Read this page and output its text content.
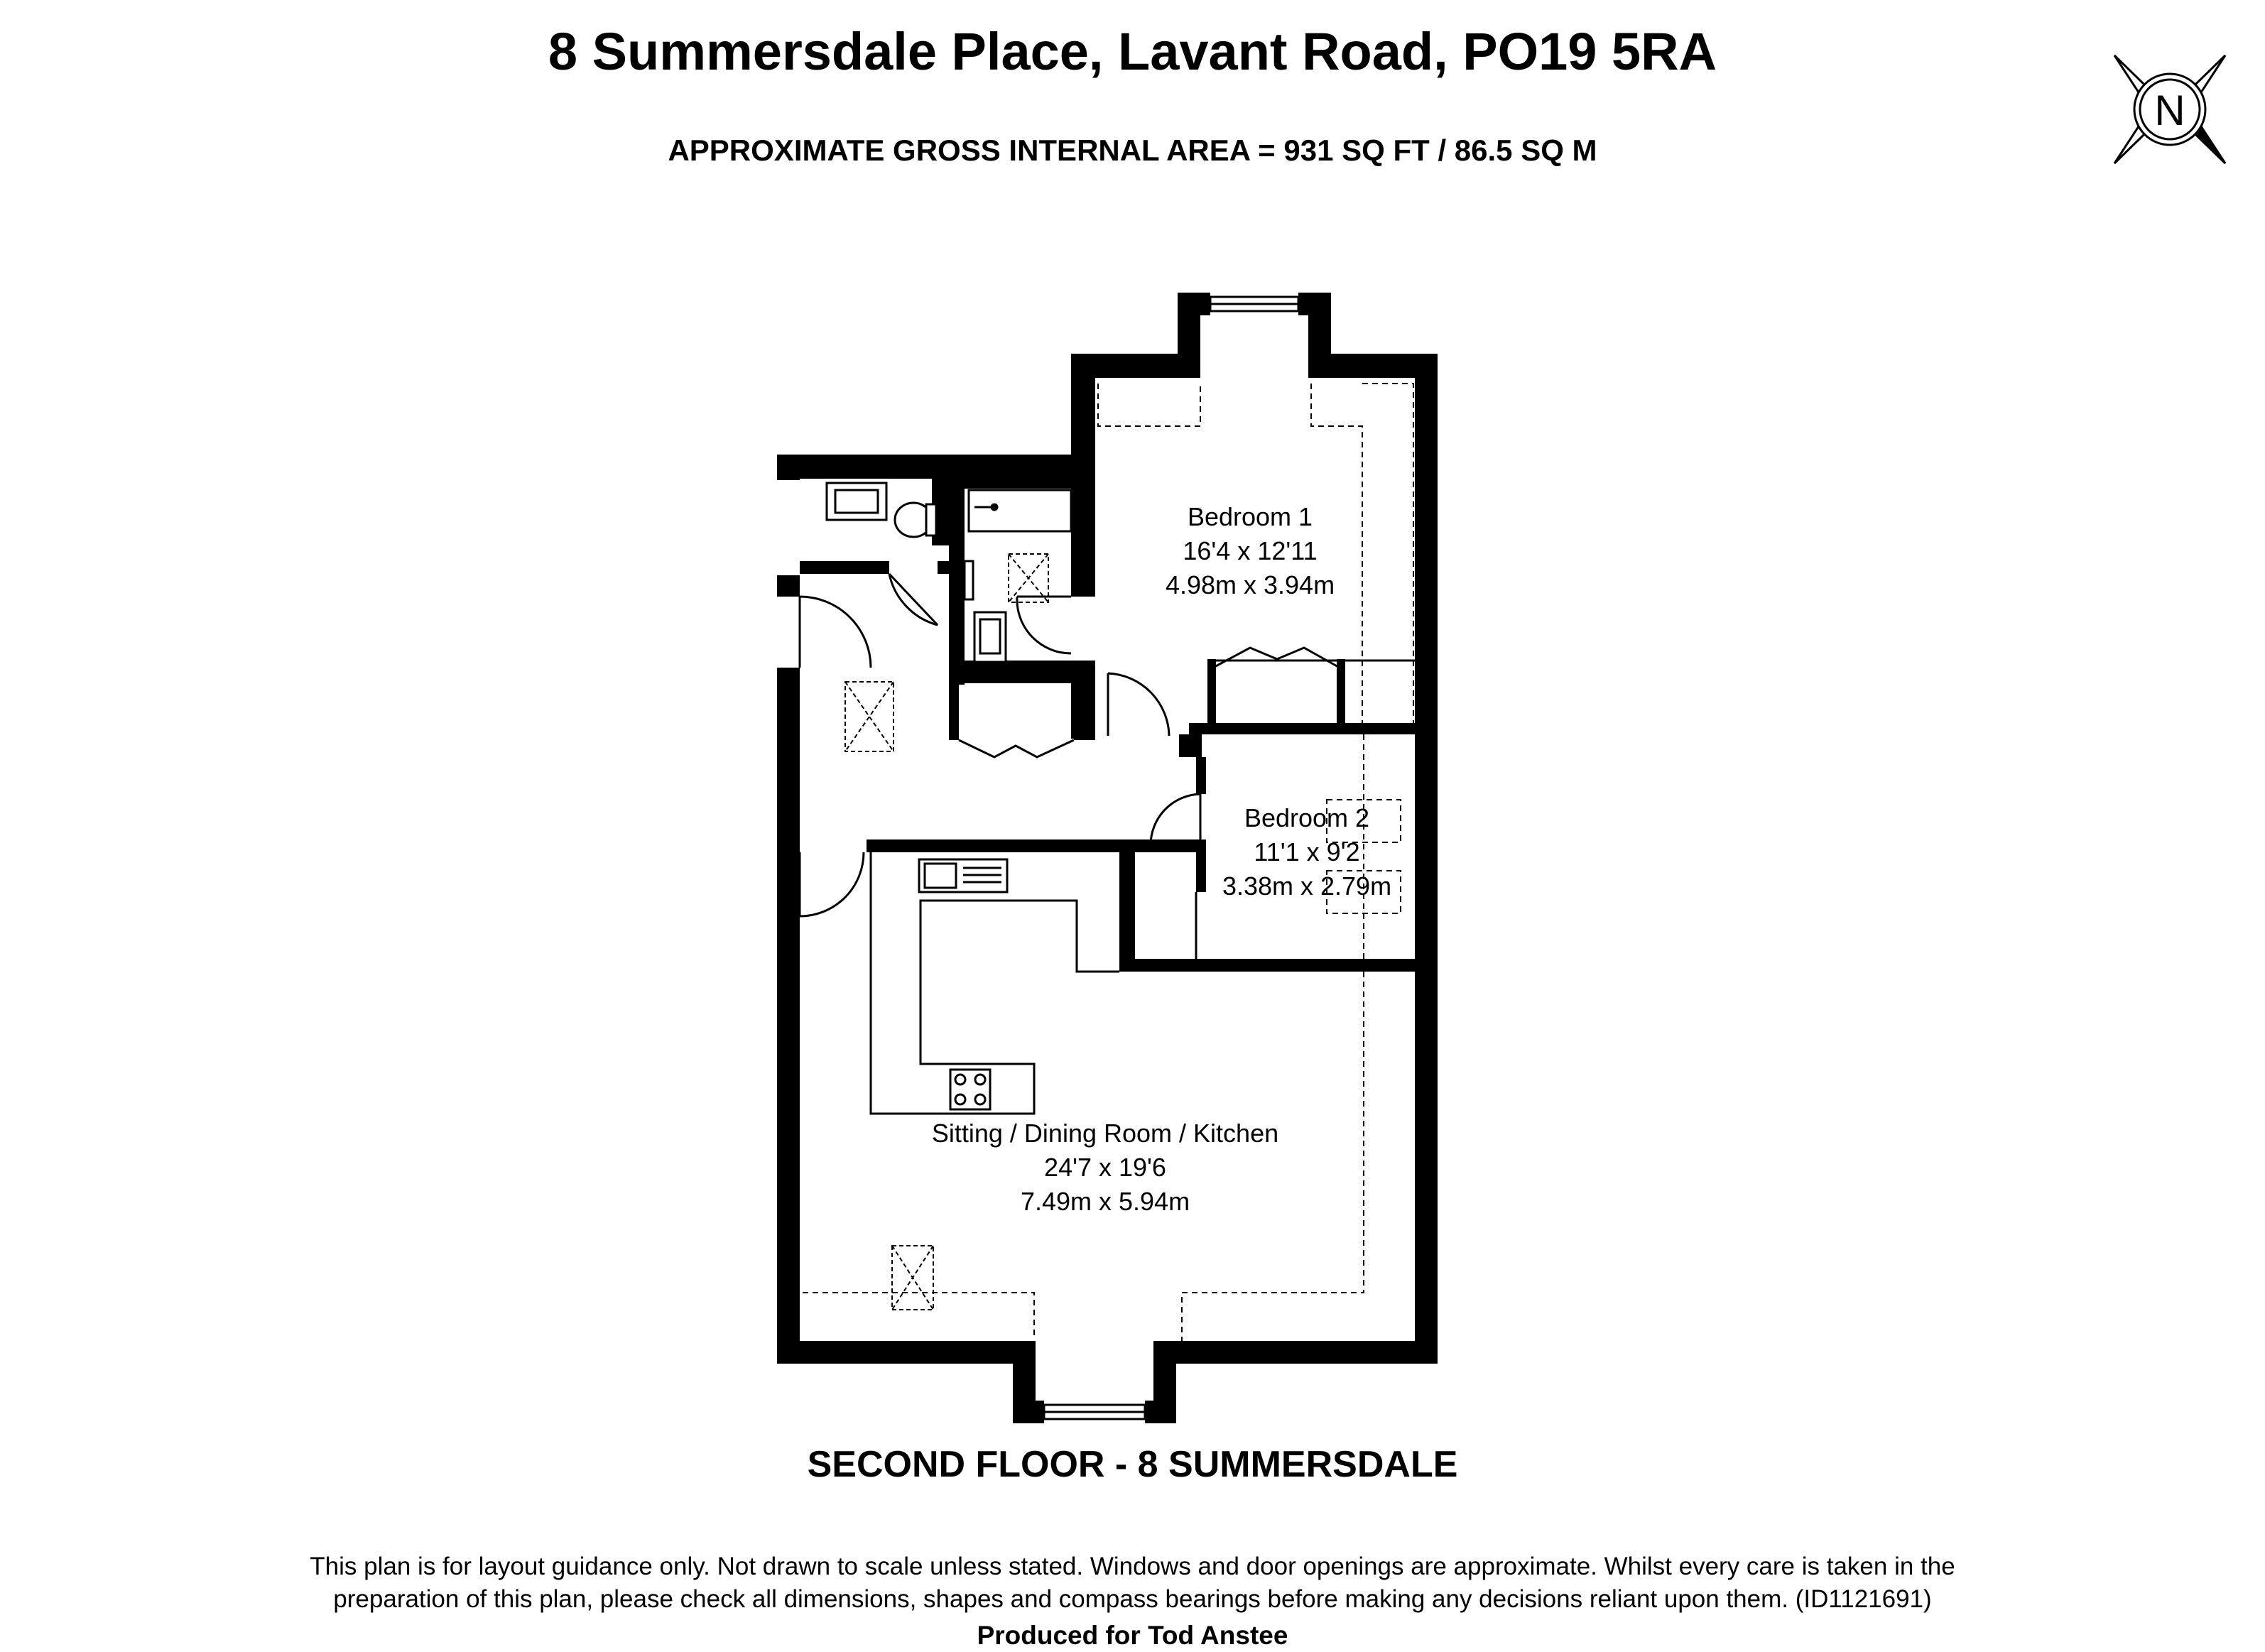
8 Summersdale Place, Lavant Road, PO19 5RA
APPROXIMATE GROSS INTERNAL AREA = 931 SQ FT / 86.5 SQ M
N
Bedroom 1
16'4 x 12'11
4.98m x 3.94m
Bedroom 2
11'1 x 9'2
3.38m x 2.79m
Sitting / Dining Room / Kitchen
24'7 x 19'6
7.49m x 5.94m
SECOND FLOOR - 8 SUMMERSDALE
This plan is for layout guidance only. Not drawn to scale unless stated. Windows and door openings are approximate. Whilst every care is taken in the
preparation of this plan, please check all dimensions, shapes and compass bearings before making any decisions reliant upon them. (ID1121691)
Produced for Tod Anstee
